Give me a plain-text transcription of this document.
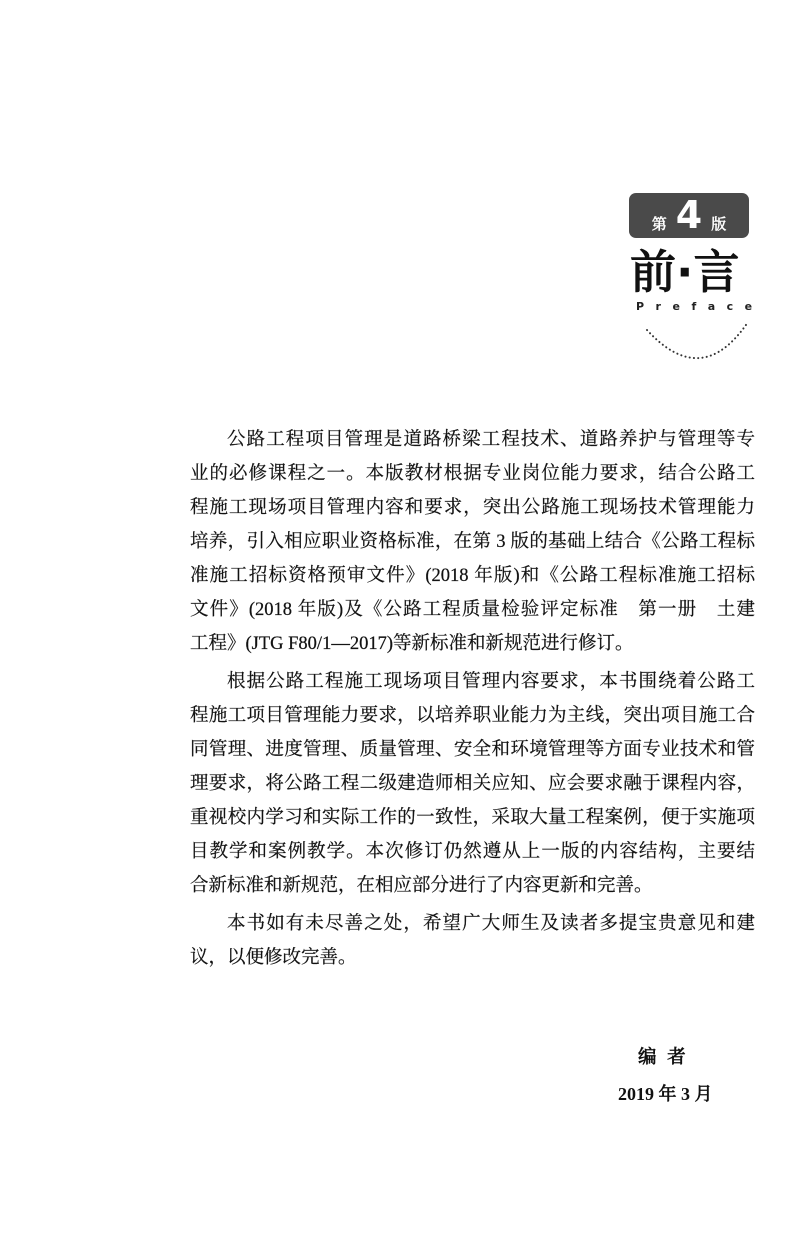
第 4 版
前·言
Preface
公路工程项目管理是道路桥梁工程技术、道路养护与管理等专
业的必修课程之一。本版教材根据专业岗位能力要求，结合公路工
程施工现场项目管理内容和要求，突出公路施工现场技术管理能力
培养，引入相应职业资格标准，在第 3 版的基础上结合《公路工程标
准施工招标资格预审文件》(2018 年版)和《公路工程标准施工招标
文件》(2018 年版)及《公路工程质量检验评定标准　第一册　土建
工程》(JTG F80/1—2017)等新标准和新规范进行修订。
根据公路工程施工现场项目管理内容要求，本书围绕着公路工
程施工项目管理能力要求，以培养职业能力为主线，突出项目施工合
同管理、进度管理、质量管理、安全和环境管理等方面专业技术和管
理要求，将公路工程二级建造师相关应知、应会要求融于课程内容，
重视校内学习和实际工作的一致性，采取大量工程案例，便于实施项
目教学和案例教学。本次修订仍然遵从上一版的内容结构，主要结
合新标准和新规范，在相应部分进行了内容更新和完善。
本书如有未尽善之处，希望广大师生及读者多提宝贵意见和建
议，以便修改完善。
编 者
2019 年 3 月
